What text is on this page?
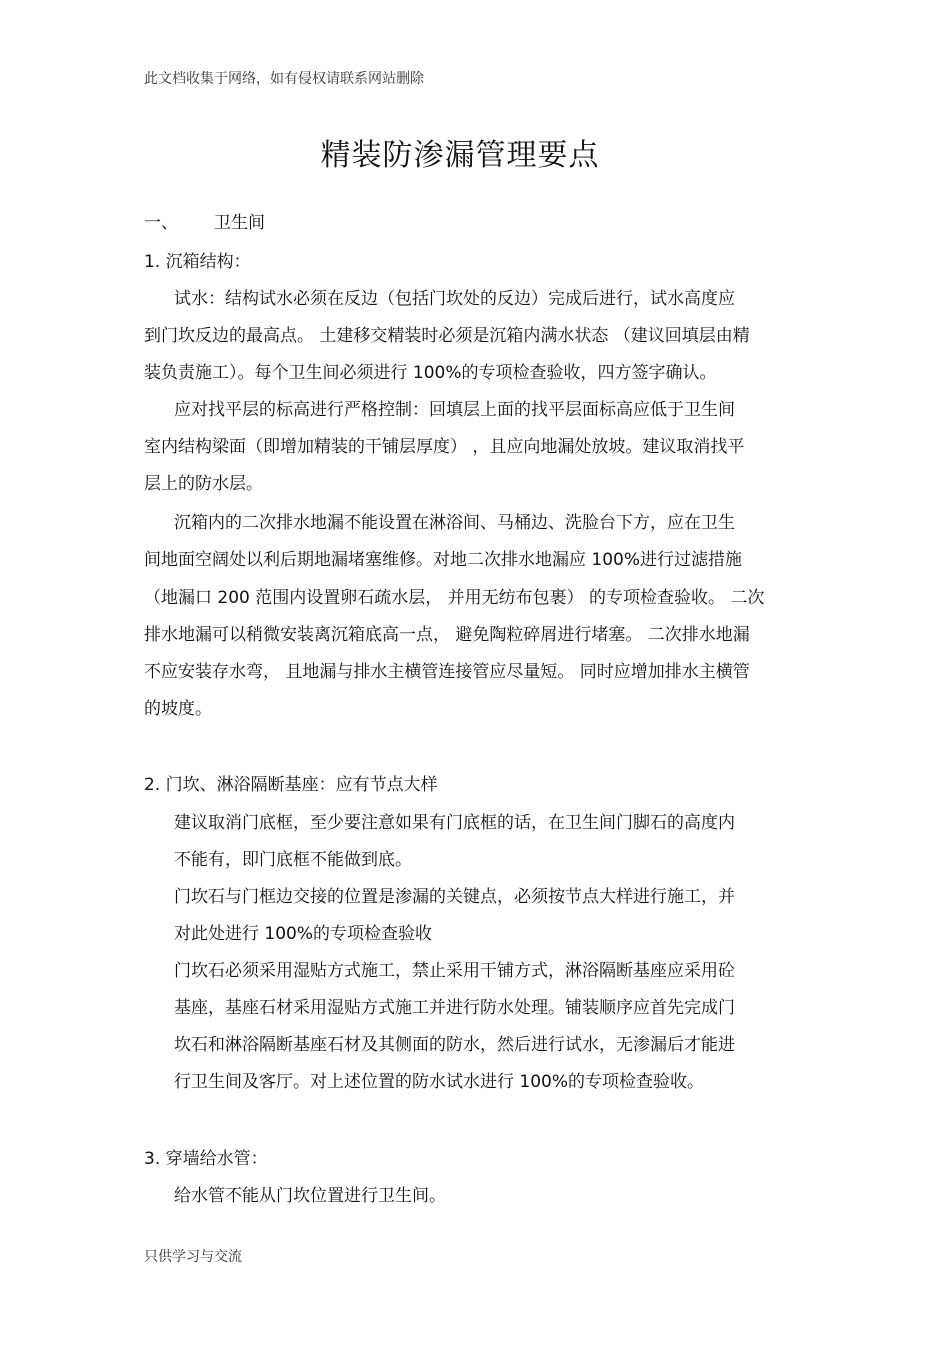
此文档收集于网络，如有侵权请联系网站删除
精装防渗漏管理要点
一、 卫生间
1. 沉箱结构：
试水：结构试水必须在反边（包括门坎处的反边）完成后进行，试水高度应
到门坎反边的最高点。 土建移交精装时必须是沉箱内满水状态 （建议回填层由精
装负责施工）。每个卫生间必须进行 100%的专项检查验收，四方签字确认。
应对找平层的标高进行严格控制：回填层上面的找平层面标高应低于卫生间
室内结构梁面（即增加精装的干铺层厚度） ，且应向地漏处放坡。建议取消找平
层上的防水层。
沉箱内的二次排水地漏不能设置在淋浴间、马桶边、洗脸台下方，应在卫生
间地面空阔处以利后期地漏堵塞维修。对地二次排水地漏应 100%进行过滤措施
（地漏口 200 范围内设置卵石疏水层， 并用无纺布包裹） 的专项检查验收。 二次
排水地漏可以稍微安装离沉箱底高一点， 避免陶粒碎屑进行堵塞。 二次排水地漏
不应安装存水弯， 且地漏与排水主横管连接管应尽量短。 同时应增加排水主横管
的坡度。
2. 门坎、淋浴隔断基座：应有节点大样
建议取消门底框，至少要注意如果有门底框的话，在卫生间门脚石的高度内
不能有，即门底框不能做到底。
门坎石与门框边交接的位置是渗漏的关键点，必须按节点大样进行施工，并
对此处进行 100%的专项检查验收
门坎石必须采用湿贴方式施工，禁止采用干铺方式，淋浴隔断基座应采用砼
基座，基座石材采用湿贴方式施工并进行防水处理。铺装顺序应首先完成门
坎石和淋浴隔断基座石材及其侧面的防水，然后进行试水，无渗漏后才能进
行卫生间及客厅。对上述位置的防水试水进行 100%的专项检查验收。
3. 穿墙给水管：
给水管不能从门坎位置进行卫生间。
只供学习与交流
